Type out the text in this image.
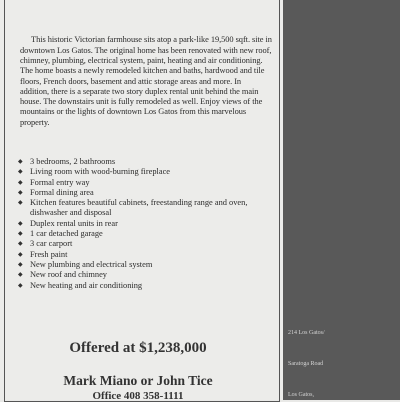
This historic Victorian farmhouse sits atop a park-like 19,500 sqft. site in downtown Los Gatos. The original home has been renovated with new roof, chimney, plumbing, electrical system, paint, heating and air conditioning. The home boasts a newly remodeled kitchen and baths, hardwood and tile floors, French doors, basement and attic storage areas and more. In addition, there is a separate two story duplex rental unit behind the main house. The downstairs unit is fully remodeled as well. Enjoy views of the mountains or the lights of downtown Los Gatos from this marvelous property.

◆ 3 bedrooms, 2 bathrooms
◆ Living room with wood-burning fireplace
◆ Formal entry way
◆ Formal dining area
◆ Kitchen features beautiful cabinets, freestanding range and oven, dishwasher and disposal
◆ Duplex rental units in rear
◆ 1 car detached garage
◆ 3 car carport
◆ Fresh paint
◆ New plumbing and electrical system
◆ New roof and chimney
◆ New heating and air conditioning
Offered at $1,238,000
Mark Miano or John Tice
Office 408 358-1111
214 Los Gatos/
Saratoga Road
Los Gatos,
